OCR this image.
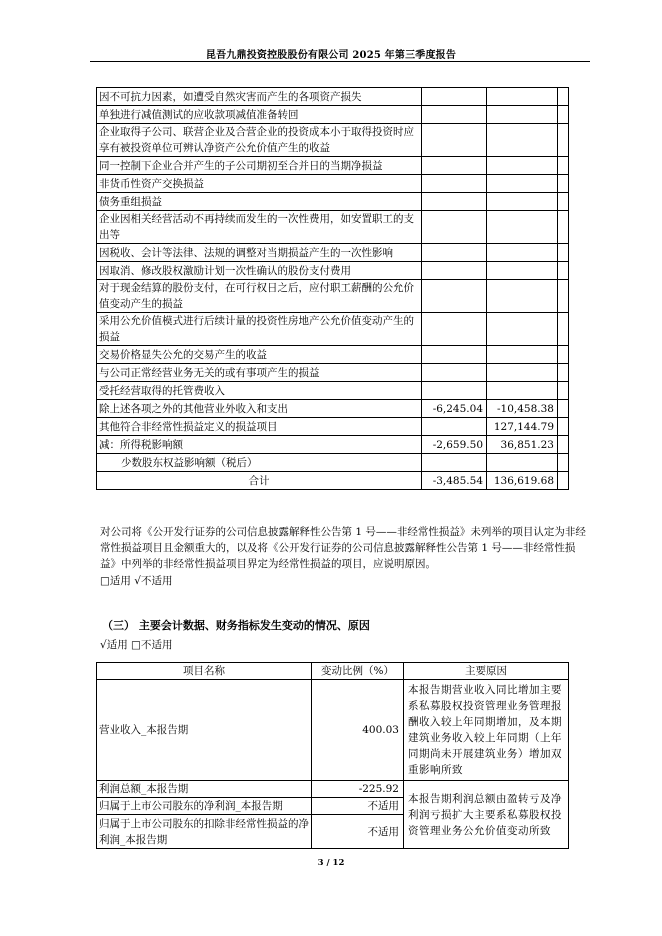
昆吾九鼎投资控股股份有限公司 2025 年第三季度报告
因不可抗力因素，如遭受自然灾害而产生的各项资产损失			
单独进行减值测试的应收款项减值准备转回			
企业取得子公司、联营企业及合营企业的投资成本小于取得投资时应享有被投资单位可辨认净资产公允价值产生的收益			
同一控制下企业合并产生的子公司期初至合并日的当期净损益			
非货币性资产交换损益			
债务重组损益			
企业因相关经营活动不再持续而发生的一次性费用，如安置职工的支出等			
因税收、会计等法律、法规的调整对当期损益产生的一次性影响			
因取消、修改股权激励计划一次性确认的股份支付费用			
对于现金结算的股份支付，在可行权日之后，应付职工薪酬的公允价值变动产生的损益			
采用公允价值模式进行后续计量的投资性房地产公允价值变动产生的损益			
交易价格显失公允的交易产生的收益			
与公司正常经营业务无关的或有事项产生的损益			
受托经营取得的托管费收入			
除上述各项之外的其他营业外收入和支出	-6,245.04	-10,458.38	
其他符合非经常性损益定义的损益项目		127,144.79	
减：所得税影响额	-2,659.50	36,851.23	
少数股东权益影响额（税后）			
合计	-3,485.54	136,619.68	
对公司将《公开发行证券的公司信息披露解释性公告第 1 号——非经常性损益》未列举的项目认定为非经常性损益项目且金额重大的，以及将《公开发行证券的公司信息披露解释性公告第 1 号——非经常性损益》中列举的非经常性损益项目界定为经常性损益的项目，应说明原因。
□适用 √不适用
（三） 主要会计数据、财务指标发生变动的情况、原因
√适用 □不适用
项目名称	变动比例（%）	主要原因
营业收入_本报告期	400.03	本报告期营业收入同比增加主要系私募股权投资管理业务管理报酬收入较上年同期增加，及本期建筑业务收入较上年同期（上年同期尚未开展建筑业务）增加双重影响所致
利润总额_本报告期	-225.92	本报告期利润总额由盈转亏及净利润亏损扩大主要系私募股权投资管理业务公允价值变动所致
归属于上市公司股东的净利润_本报告期	不适用	
归属于上市公司股东的扣除非经常性损益的净利润_本报告期	不适用	
3 / 12
